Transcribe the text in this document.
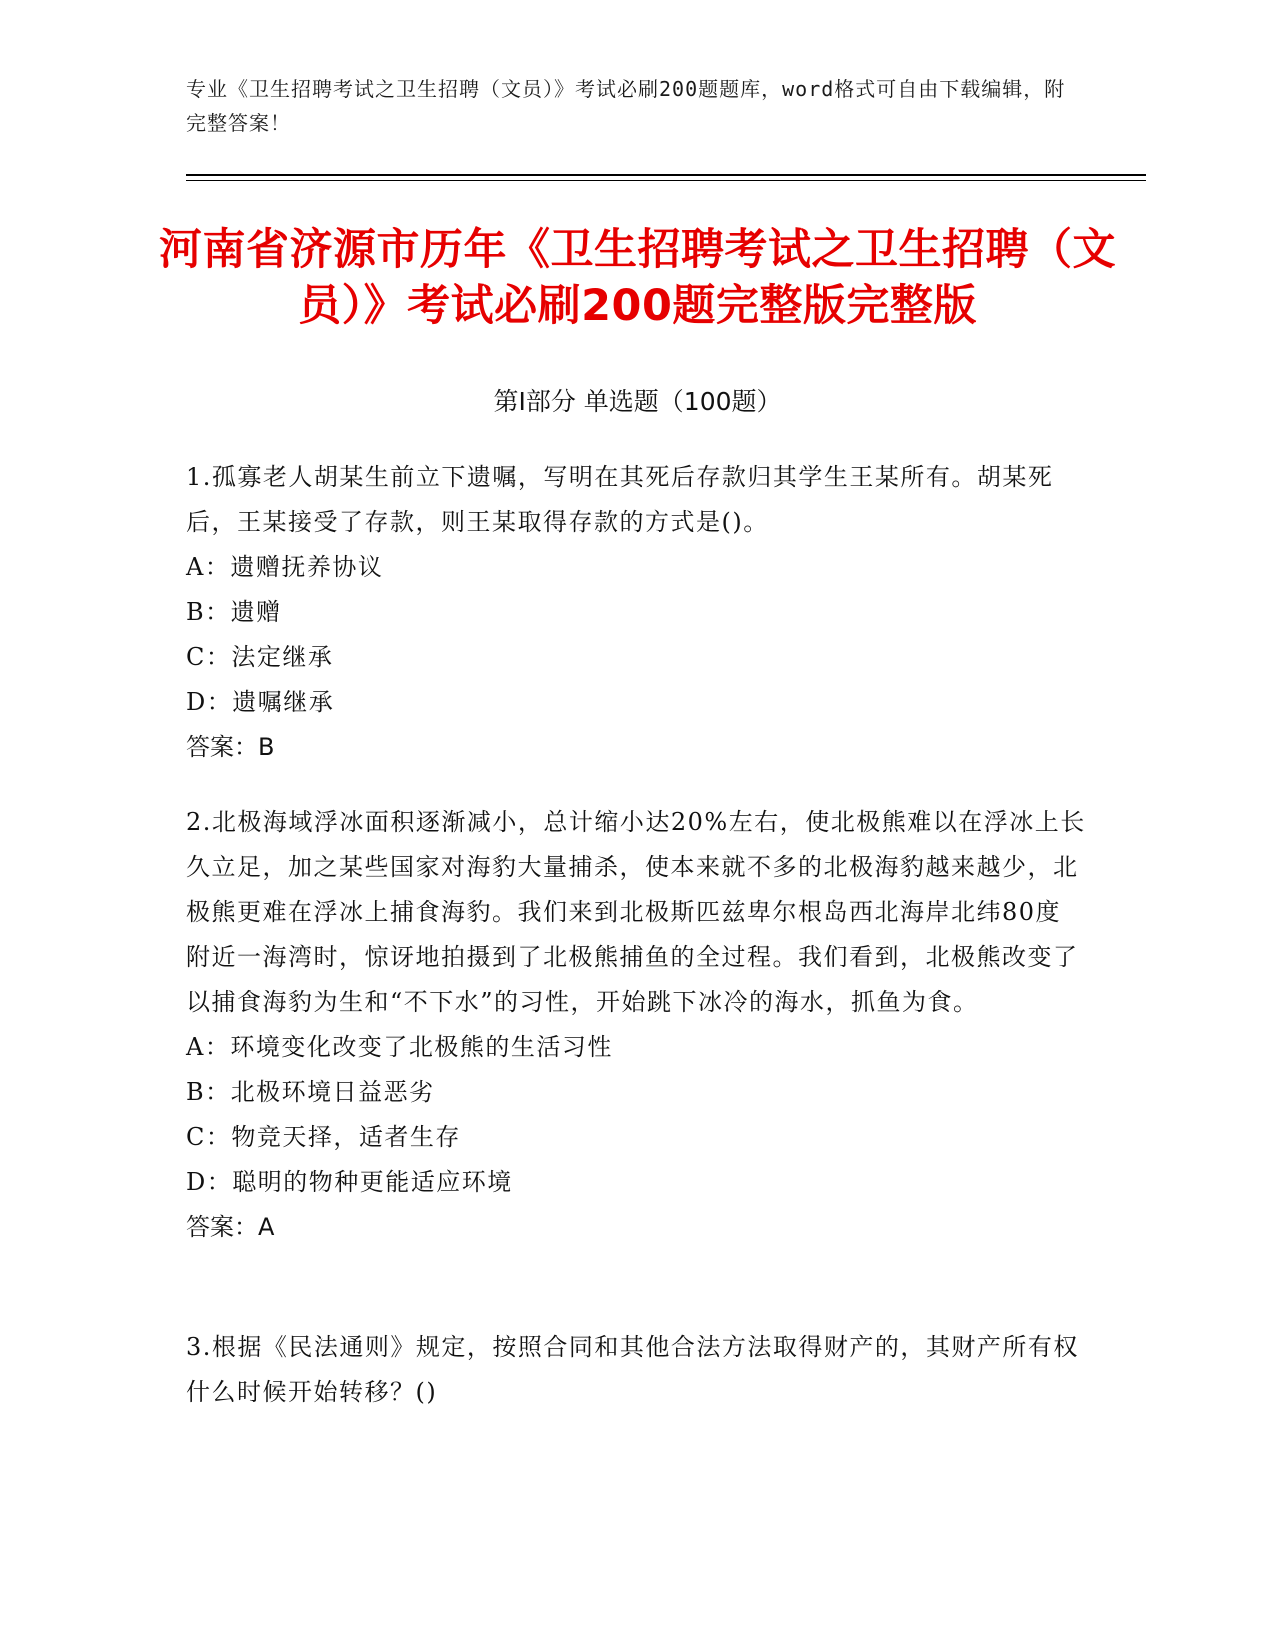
专业《卫生招聘考试之卫生招聘（文员）》考试必刷200题题库，word格式可自由下载编辑，附完整答案！
河南省济源市历年《卫生招聘考试之卫生招聘（文员）》考试必刷200题完整版完整版
第Ⅰ部分 单选题（100题）

1.孤寡老人胡某生前立下遗嘱，写明在其死后存款归其学生王某所有。胡某死后，王某接受了存款，则王某取得存款的方式是()。

A：遗赠抚养协议

B：遗赠

C：法定继承

D：遗嘱继承

答案：B

2.北极海域浮冰面积逐渐减小，总计缩小达20%左右，使北极熊难以在浮冰上长久立足，加之某些国家对海豹大量捕杀，使本来就不多的北极海豹越来越少，北极熊更难在浮冰上捕食海豹。我们来到北极斯匹兹卑尔根岛西北海岸北纬80度附近一海湾时，惊讶地拍摄到了北极熊捕鱼的全过程。我们看到，北极熊改变了以捕食海豹为生和“不下水”的习性，开始跳下冰冷的海水，抓鱼为食。

A：环境变化改变了北极熊的生活习性

B：北极环境日益恶劣

C：物竞天择，适者生存

D：聪明的物种更能适应环境

答案：A

3.根据《民法通则》规定，按照合同和其他合法方法取得财产的，其财产所有权什么时候开始转移？()
